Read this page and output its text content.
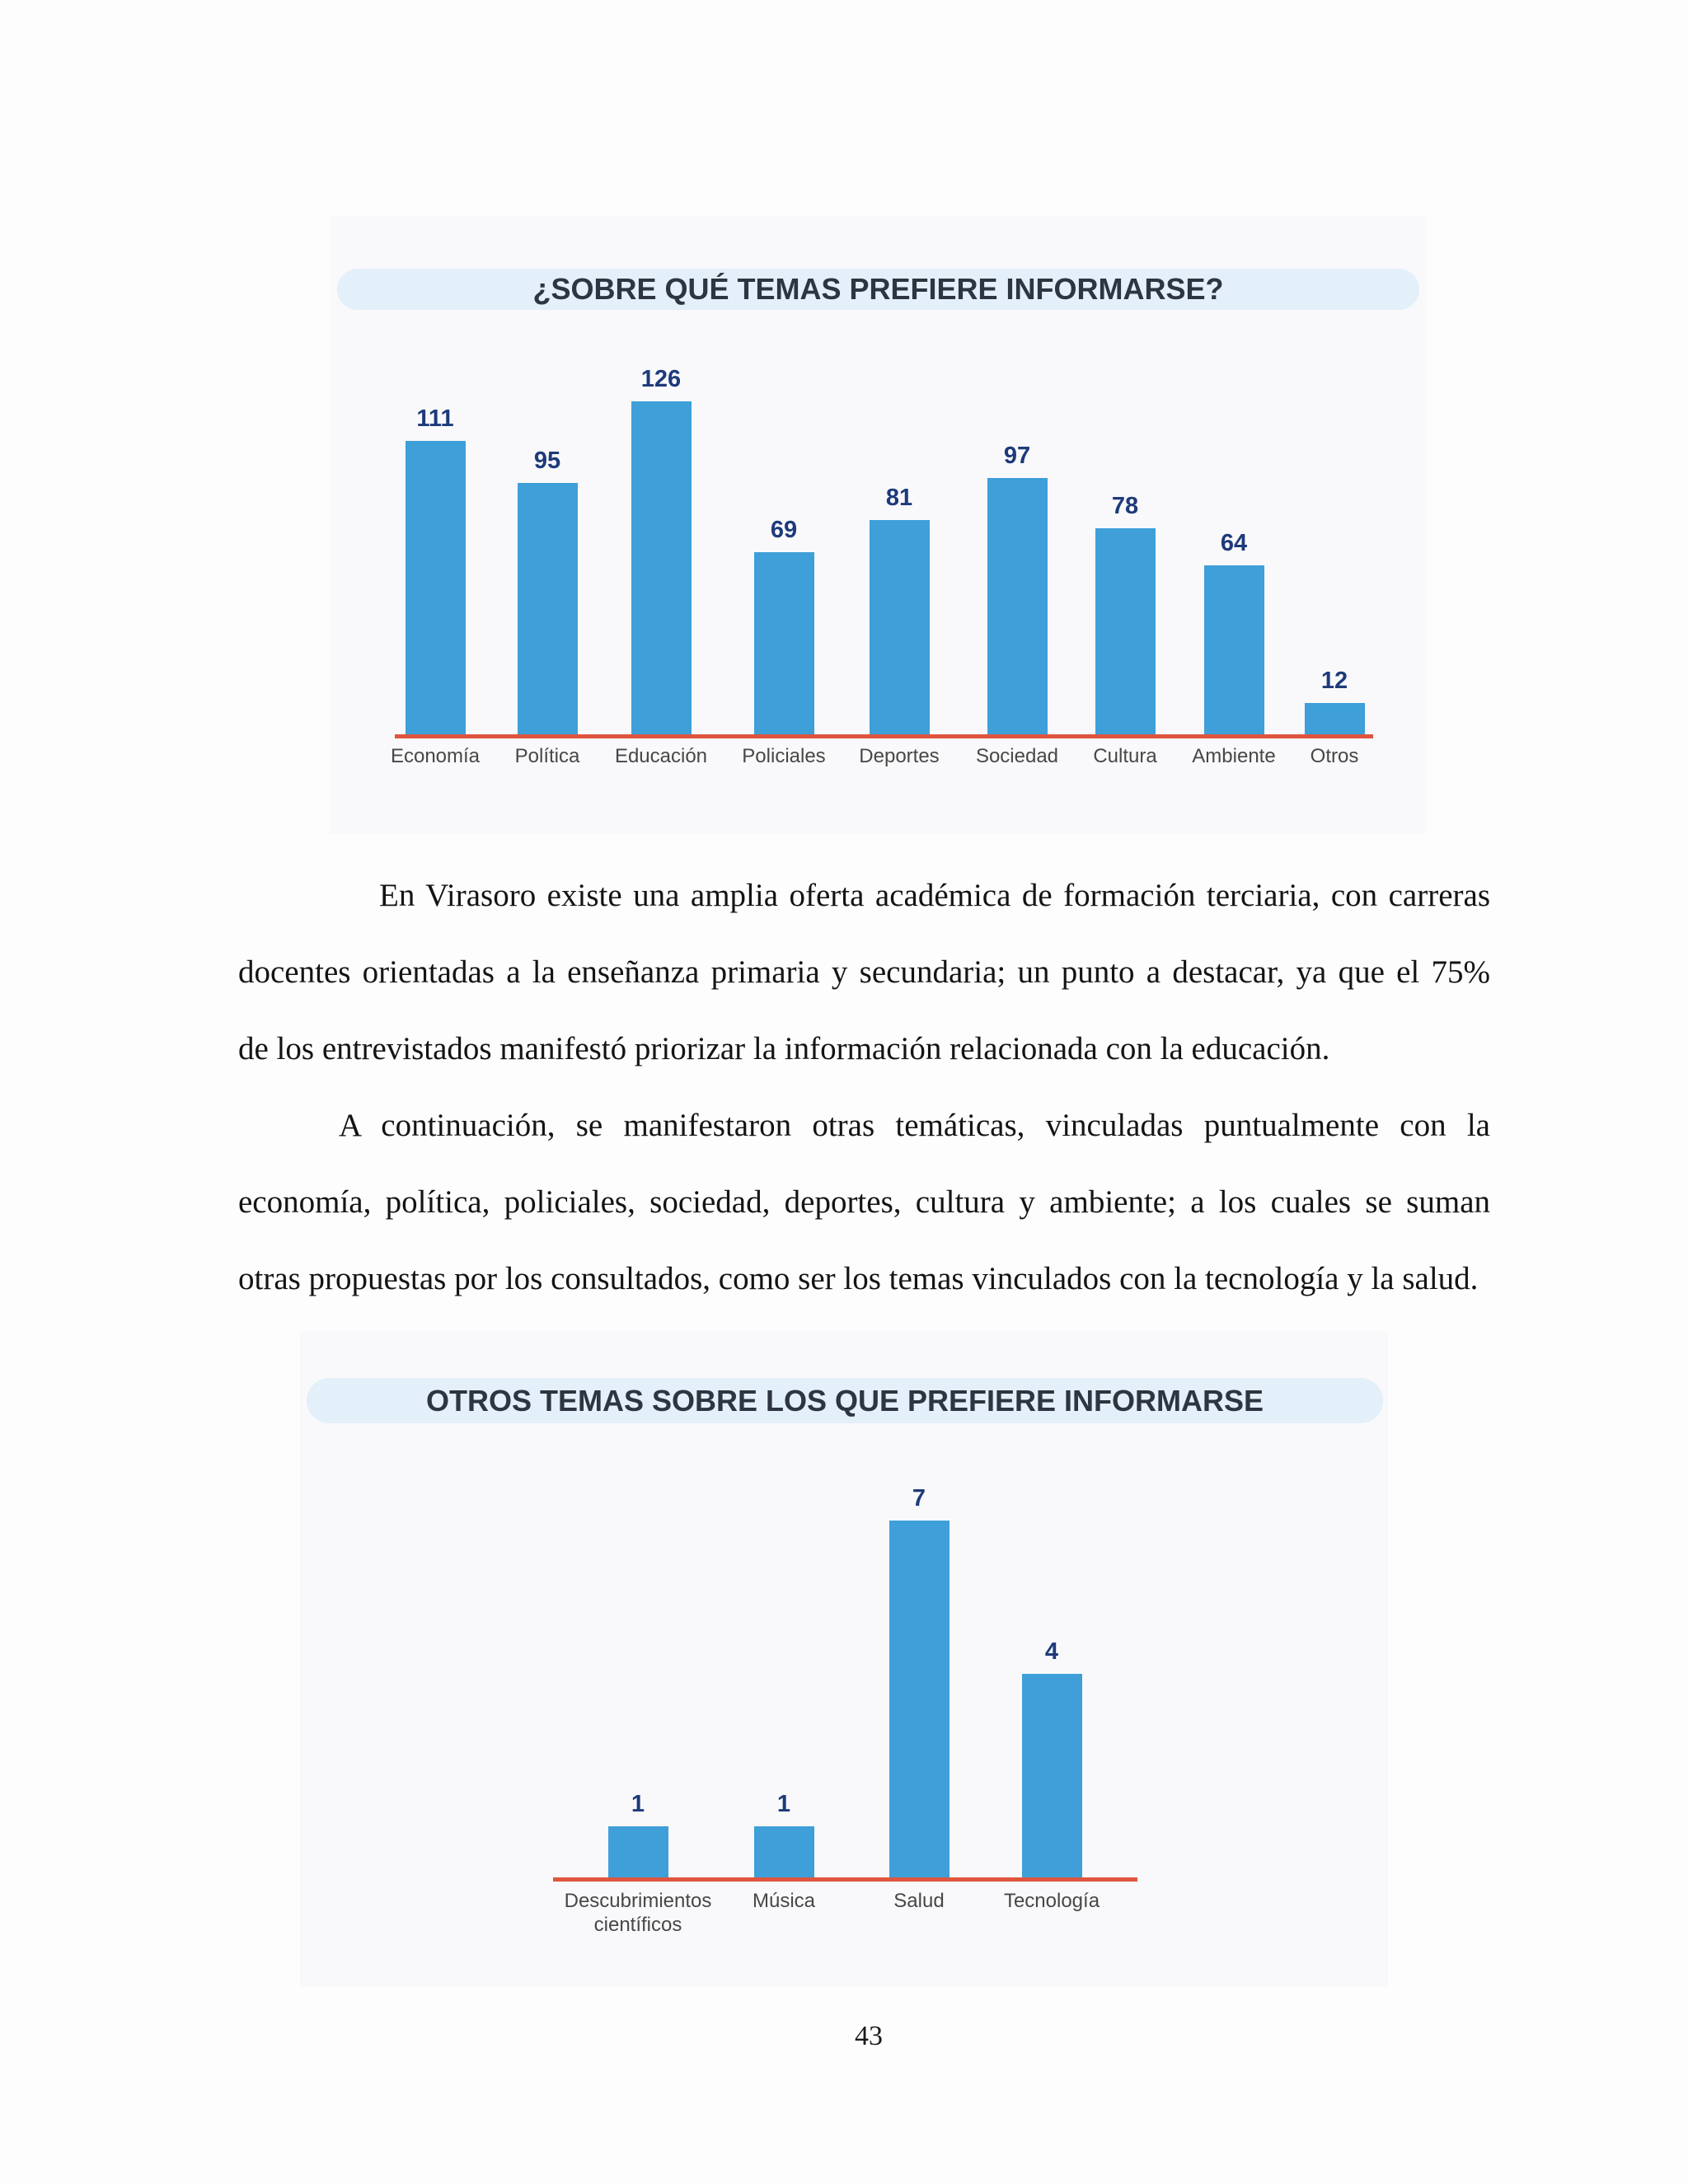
¿SOBRE QUÉ TEMAS PREFIERE INFORMARSE?
111
Economía
95
Política
126
Educación
69
Policiales
81
Deportes
97
Sociedad
78
Cultura
64
Ambiente
12
Otros
En Virasoro existe una amplia oferta académica de formación terciaria, con carreras
docentes orientadas a la enseñanza primaria y secundaria; un punto a destacar, ya que el 75%
de los entrevistados manifestó priorizar la información relacionada con la educación.
A continuación, se manifestaron otras temáticas, vinculadas puntualmente con la
economía, política, policiales, sociedad, deportes, cultura y ambiente; a los cuales se suman
otras propuestas por los consultados, como ser los temas vinculados con la tecnología y la salud.
OTROS TEMAS SOBRE LOS QUE PREFIERE INFORMARSE
1
Descubrimientos científicos
1
Música
7
Salud
4
Tecnología
43
